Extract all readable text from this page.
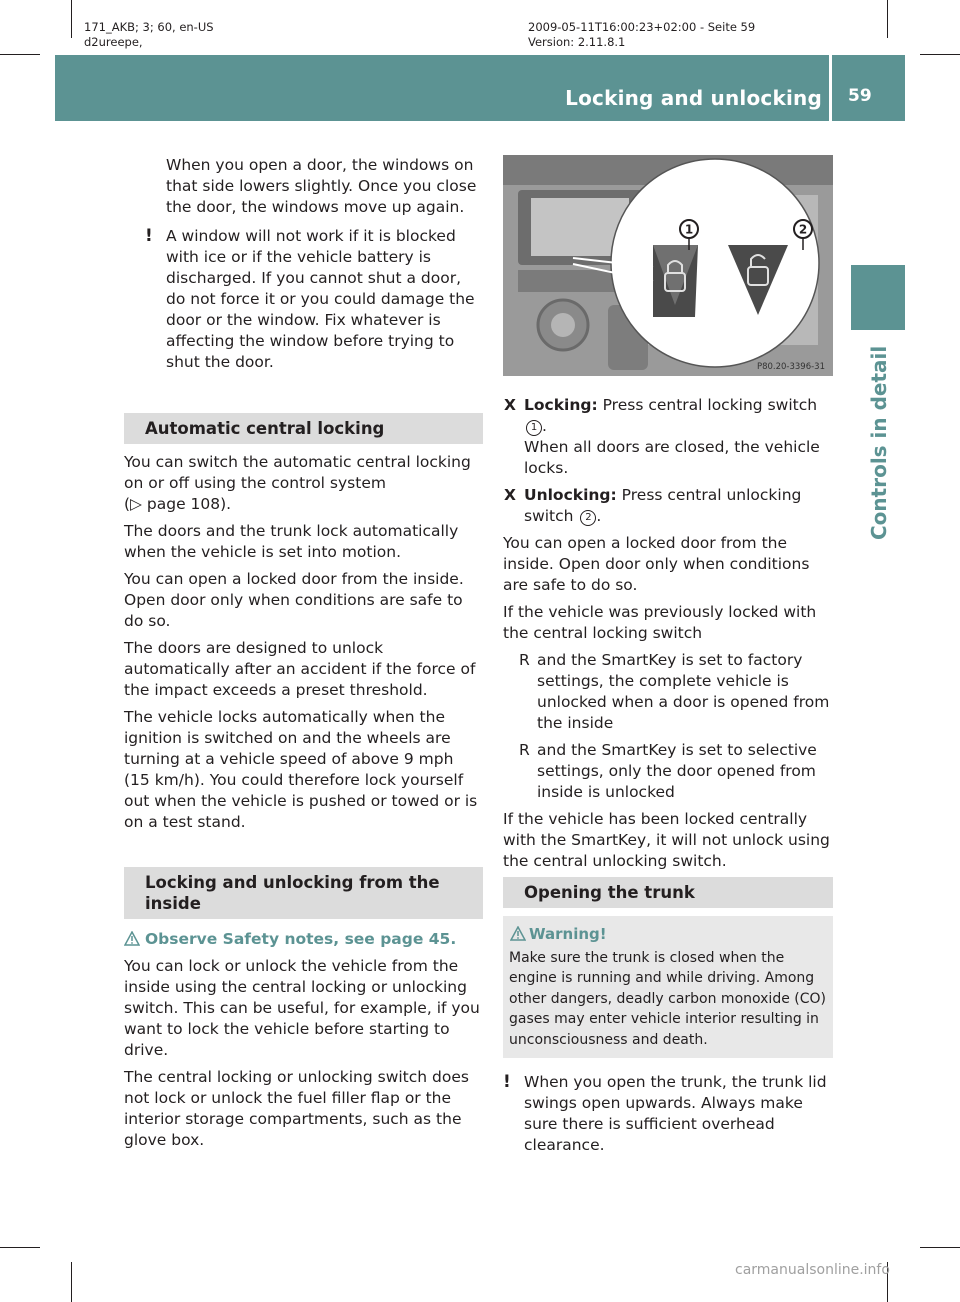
171_AKB; 3; 60, en-US
d2ureepe,
2009-05-11T16:00:23+02:00 - Seite 59
Version: 2.11.8.1
Locking and unlocking 59
Controls in detail

When you open a door, the windows on that side lowers slightly. Once you close the door, the windows move up again.

! A window will not work if it is blocked with ice or if the vehicle battery is discharged. If you cannot shut a door, do not force it or you could damage the door or the window. Fix whatever is affecting the window before trying to shut the door.

Automatic central locking

You can switch the automatic central locking on or off using the control system

(▷ page 108).

The doors and the trunk lock automatically when the vehicle is set into motion.

You can open a locked door from the inside. Open door only when conditions are safe to do so.

The doors are designed to unlock automatically after an accident if the force of the impact exceeds a preset threshold.

The vehicle locks automatically when the ignition is switched on and the wheels are turning at a vehicle speed of above 9 mph (15 km/h). You could therefore lock yourself out when the vehicle is pushed or towed or is on a test stand.

Locking and unlocking from the inside
Observe Safety notes, see page 45.

You can lock or unlock the vehicle from the inside using the central locking or unlocking switch. This can be useful, for example, if you want to lock the vehicle before starting to drive.

The central locking or unlocking switch does not lock or unlock the fuel filler flap or the interior storage compartments, such as the glove box.

1	2
P80.20-3396-31
X Locking: Press central locking switch 1 .
When all doors are closed, the vehicle locks.
X Unlocking: Press central unlocking switch 2 .

You can open a locked door from the inside. Open door only when conditions are safe to do so.

If the vehicle was previously locked with the central locking switch

R and the SmartKey is set to factory settings, the complete vehicle is unlocked when a door is opened from the inside
R and the SmartKey is set to selective settings, only the door opened from inside is unlocked

If the vehicle has been locked centrally with the SmartKey, it will not unlock using the central unlocking switch.

Opening the trunk
Warning!
Make sure the trunk is closed when the engine is running and while driving. Among other dangers, deadly carbon monoxide (CO) gases may enter vehicle interior resulting in unconsciousness and death.

! When you open the trunk, the trunk lid swings open upwards. Always make sure there is sufficient overhead clearance.

carmanualsonline.info
